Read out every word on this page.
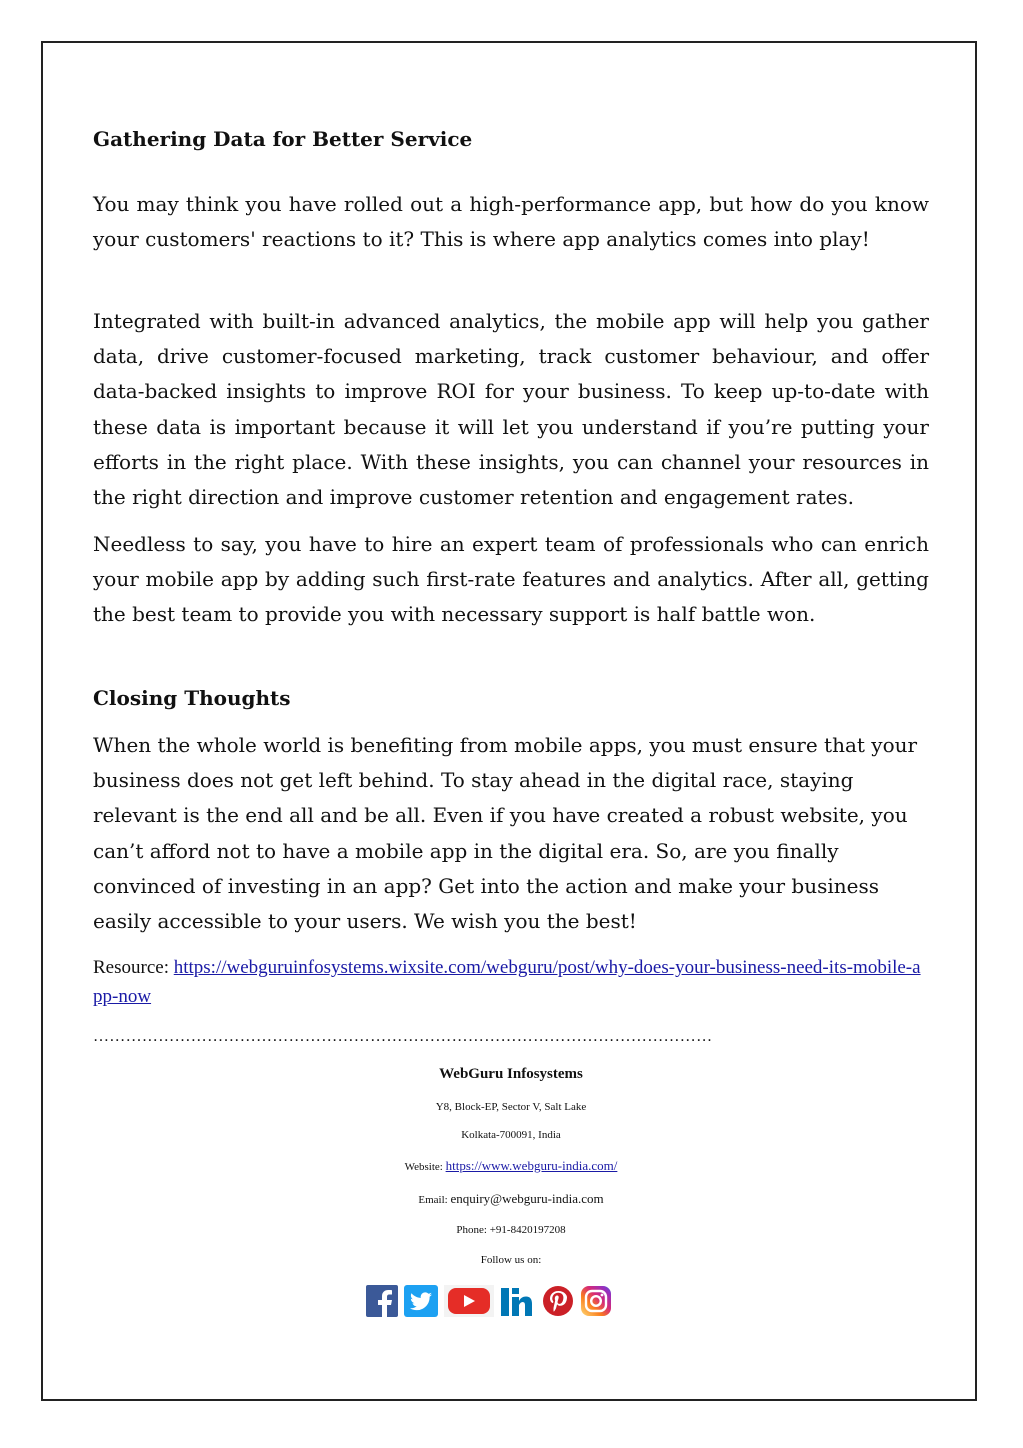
Gathering Data for Better Service

You may think you have rolled out a high-performance app, but how do you know your customers' reactions to it? This is where app analytics comes into play!

Integrated with built-in advanced analytics, the mobile app will help you gather data, drive customer-focused marketing, track customer behaviour, and offer data-backed insights to improve ROI for your business. To keep up-to-date with these data is important because it will let you understand if you’re putting your efforts in the right place. With these insights, you can channel your resources in the right direction and improve customer retention and engagement rates.

Needless to say, you have to hire an expert team of professionals who can enrich your mobile app by adding such first-rate features and analytics. After all, getting the best team to provide you with necessary support is half battle won.

Closing Thoughts

When the whole world is benefiting from mobile apps, you must ensure that your business does not get left behind. To stay ahead in the digital race, staying relevant is the end all and be all. Even if you have created a robust website, you can’t afford not to have a mobile app in the digital era. So, are you finally convinced of investing in an app? Get into the action and make your business easily accessible to your users. We wish you the best!

Resource: https://webguruinfosystems.wixsite.com/webguru/post/why-does-your-business-need-its-mobile-app-now
……………………………………………………………………………………………………
WebGuru Infosystems
Y8, Block-EP, Sector V, Salt Lake
Kolkata-700091, India
Website: https://www.webguru-india.com/
Email: enquiry@webguru-india.com
Phone: +91-8420197208
Follow us on:
